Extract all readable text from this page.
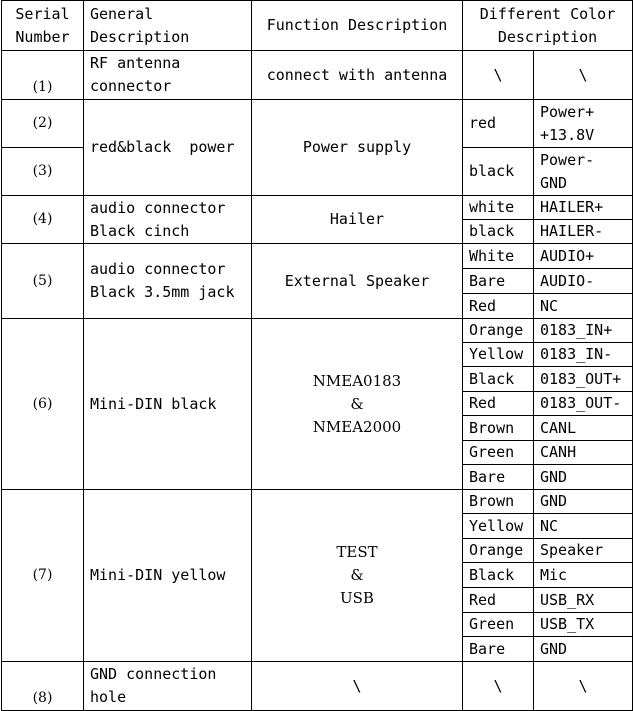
Serial Number	General Description	Function Description	Different Color Description	
(1)	RF antenna connector	connect with antenna	\	\
(2)	red&black  power	Power supply	red	Power+ +13.8V
(3)			black	Power- GND
(4)	audio connector Black cinch	Hailer	white	HAILER+
			black	HAILER-
(5)	audio connector Black 3.5mm jack	External Speaker	White	AUDIO+
			Bare	AUDIO-
			Red	NC
(6)	Mini-DIN black	NMEA0183
&
NMEA2000	Orange	0183_IN+
			Yellow	0183_IN-
			Black	0183_OUT+
			Red	0183_OUT-
			Brown	CANL
			Green	CANH
			Bare	GND
(7)	Mini-DIN yellow	TEST
&
USB	Brown	GND
			Yellow	NC
			Orange	Speaker
			Black	Mic
			Red	USB_RX
			Green	USB_TX
			Bare	GND
(8)	GND connection hole	\	\	\
